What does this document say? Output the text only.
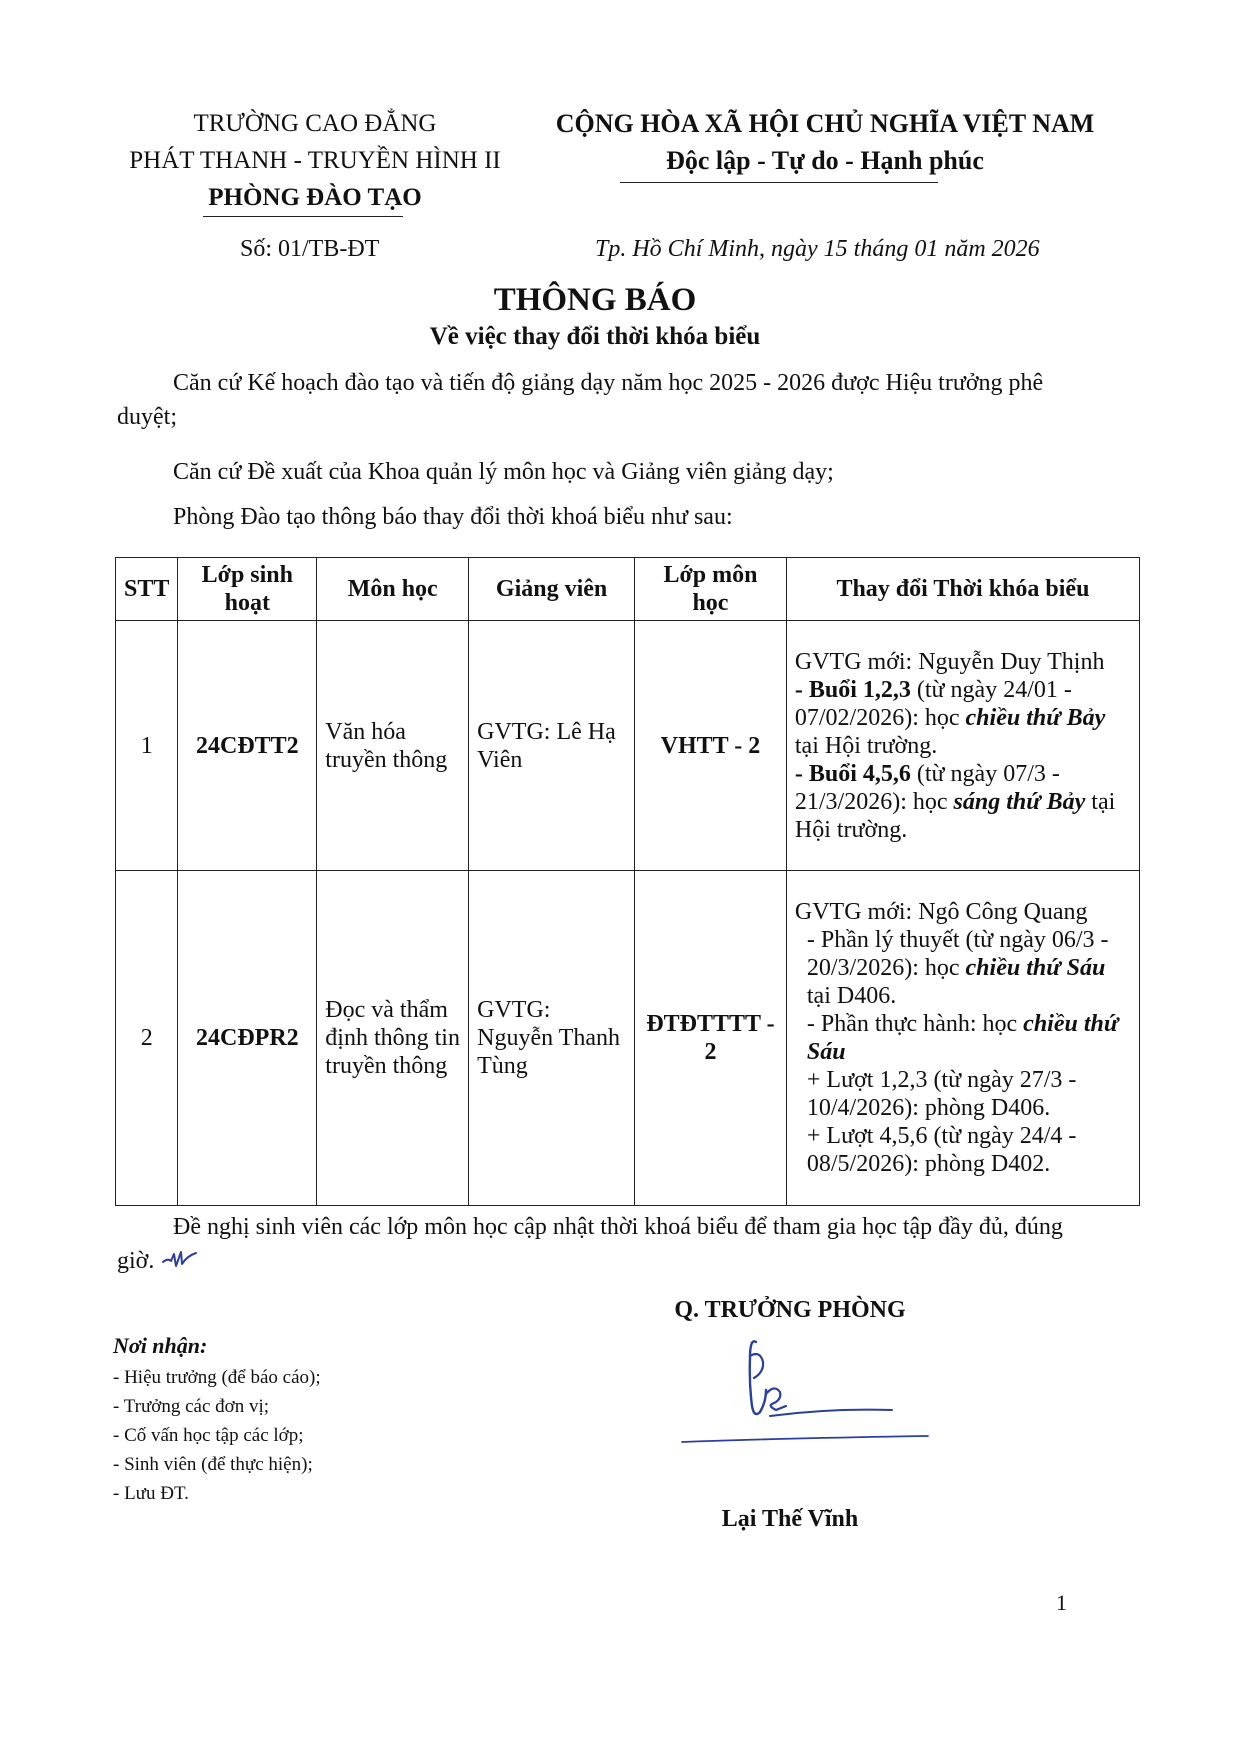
TRƯỜNG CAO ĐẲNG
PHÁT THANH - TRUYỀN HÌNH II
PHÒNG ĐÀO TẠO
CỘNG HÒA XÃ HỘI CHỦ NGHĨA VIỆT NAM
Độc lập - Tự do - Hạnh phúc
Số: 01/TB-ĐT	Tp. Hồ Chí Minh, ngày 15 tháng 01 năm 2026
THÔNG BÁO
Về việc thay đổi thời khóa biểu
Căn cứ Kế hoạch đào tạo và tiến độ giảng dạy năm học 2025 - 2026 được Hiệu trưởng phê duyệt;
Căn cứ Đề xuất của Khoa quản lý môn học và Giảng viên giảng dạy;
Phòng Đào tạo thông báo thay đổi thời khoá biểu như sau:
STT	Lớp sinh hoạt	Môn học	Giảng viên	Lớp môn học	Thay đổi Thời khóa biểu
1	24CĐTT2	Văn hóa truyền thông	GVTG: Lê Hạ Viên	VHTT - 2	GVTG mới: Nguyễn Duy Thịnh
- Buổi 1,2,3 (từ ngày 24/01 - 07/02/2026): học chiều thứ Bảy tại Hội trường.
- Buổi 4,5,6 (từ ngày 07/3 - 21/3/2026): học sáng thứ Bảy tại Hội trường.

2	24CĐPR2	Đọc và thẩm định thông tin truyền thông	GVTG: Nguyễn Thanh Tùng	ĐTĐTTTT - 2	GVTG mới: Ngô Công Quang
- Phần lý thuyết (từ ngày 06/3 - 20/3/2026): học chiều thứ Sáu tại D406.
- Phần thực hành: học chiều thứ Sáu
+ Lượt 1,2,3 (từ ngày 27/3 - 10/4/2026): phòng D406.
+ Lượt 4,5,6 (từ ngày 24/4 - 08/5/2026): phòng D402.
Đề nghị sinh viên các lớp môn học cập nhật thời khoá biểu để tham gia học tập đầy đủ, đúng giờ.
Q. TRƯỞNG PHÒNG
Nơi nhận:
- Hiệu trưởng (để báo cáo);
- Trưởng các đơn vị;
- Cố vấn học tập các lớp;
- Sinh viên (để thực hiện);
- Lưu ĐT.
Lại Thế Vĩnh
1
